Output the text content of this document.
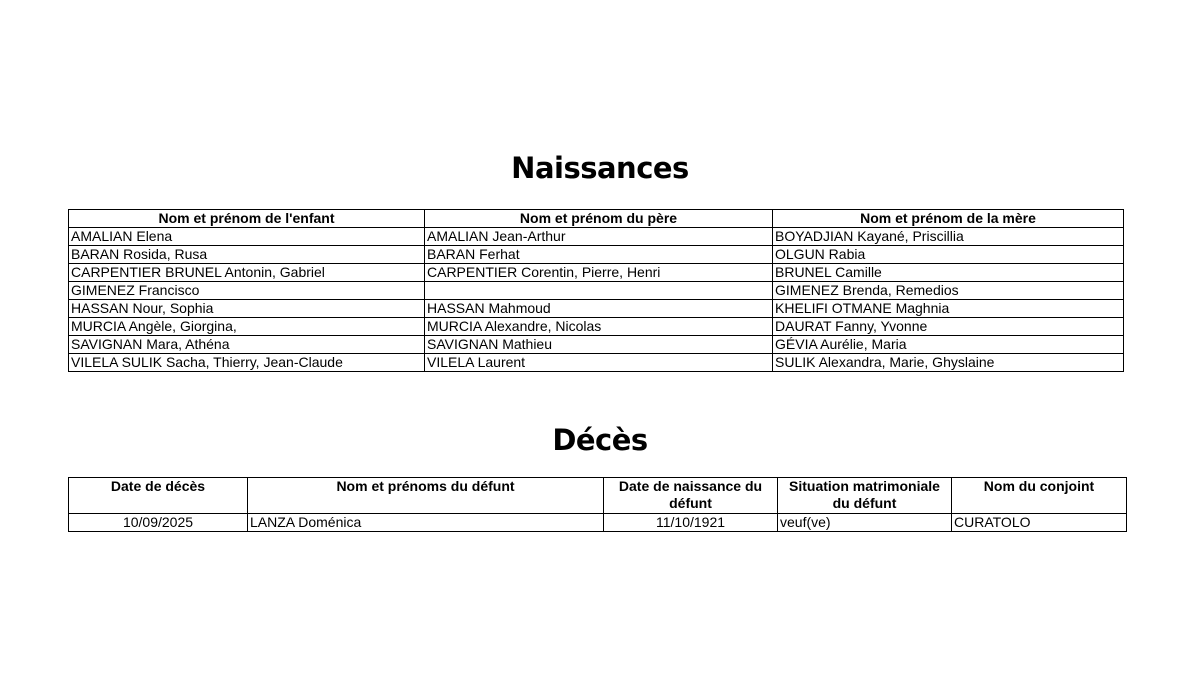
Naissances
Nom et prénom de l'enfant	Nom et prénom du père	Nom et prénom de la mère
AMALIAN Elena	AMALIAN Jean-Arthur	BOYADJIAN Kayané, Priscillia
BARAN Rosida, Rusa	BARAN Ferhat	OLGUN Rabia
CARPENTIER BRUNEL Antonin, Gabriel	CARPENTIER Corentin, Pierre, Henri	BRUNEL Camille
GIMENEZ Francisco		GIMENEZ Brenda, Remedios
HASSAN Nour, Sophia	HASSAN Mahmoud	KHELIFI OTMANE Maghnia
MURCIA Angèle, Giorgina,	MURCIA Alexandre, Nicolas	DAURAT Fanny, Yvonne
SAVIGNAN Mara, Athéna	SAVIGNAN Mathieu	GÉVIA Aurélie, Maria
VILELA SULIK Sacha, Thierry, Jean-Claude	VILELA Laurent	SULIK Alexandra, Marie, Ghyslaine
Décès
Date de décès	Nom et prénoms du défunt	Date de naissance du défunt	Situation matrimoniale du défunt	Nom du conjoint
10/09/2025	LANZA Doménica	11/10/1921	veuf(ve)	CURATOLO
